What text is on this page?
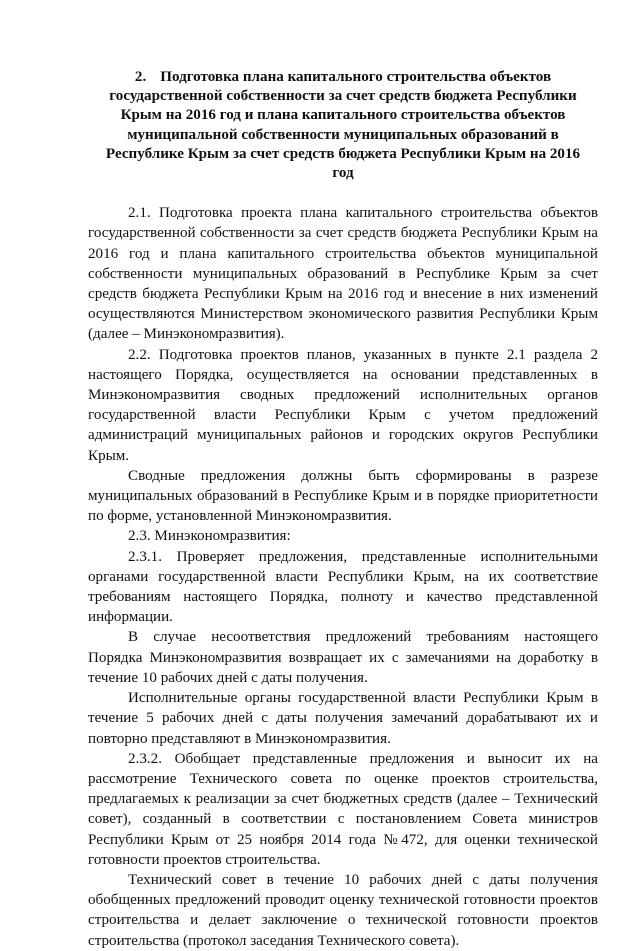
2. Подготовка плана капитального строительства объектов государственной собственности за счет средств бюджета Республики Крым на 2016 год и плана капитального строительства объектов муниципальной собственности муниципальных образований в Республике Крым за счет средств бюджета Республики Крым на 2016 год

2.1. Подготовка проекта плана капитального строительства объектов государственной собственности за счет средств бюджета Республики Крым на 2016 год и плана капитального строительства объектов муниципальной собственности муниципальных образований в Республике Крым за счет средств бюджета Республики Крым на 2016 год и внесение в них изменений осуществляются Министерством экономического развития Республики Крым (далее – Минэкономразвития).

2.2. Подготовка проектов планов, указанных в пункте 2.1 раздела 2 настоящего Порядка, осуществляется на основании представленных в Минэкономразвития сводных предложений исполнительных органов государственной власти Республики Крым с учетом предложений администраций муниципальных районов и городских округов Республики Крым.

Сводные предложения должны быть сформированы в разрезе муниципальных образований в Республике Крым и в порядке приоритетности по форме, установленной Минэкономразвития.

2.3. Минэкономразвития:

2.3.1. Проверяет предложения, представленные исполнительными органами государственной власти Республики Крым, на их соответствие требованиям настоящего Порядка, полноту и качество представленной информации.

В случае несоответствия предложений требованиям настоящего Порядка Минэкономразвития возвращает их с замечаниями на доработку в течение 10 рабочих дней с даты получения.

Исполнительные органы государственной власти Республики Крым в течение 5 рабочих дней с даты получения замечаний дорабатывают их и повторно представляют в Минэкономразвития.

2.3.2. Обобщает представленные предложения и выносит их на рассмотрение Технического совета по оценке проектов строительства, предлагаемых к реализации за счет бюджетных средств (далее – Технический совет), созданный в соответствии с постановлением Совета министров Республики Крым от 25 ноября 2014 года №472, для оценки технической готовности проектов строительства.

Технический совет в течение 10 рабочих дней с даты получения обобщенных предложений проводит оценку технической готовности проектов строительства и делает заключение о технической готовности проектов строительства (протокол заседания Технического совета).
